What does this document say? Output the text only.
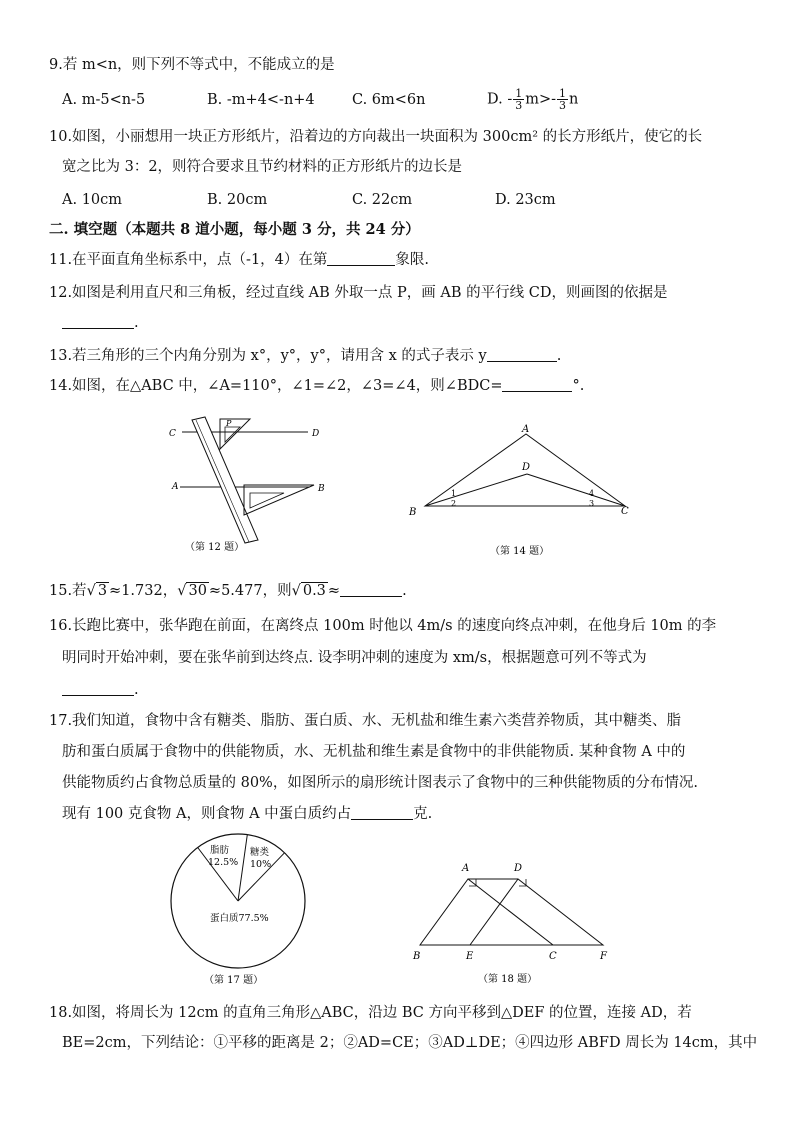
9.若 m<n，则下列不等式中，不能成立的是
A. m-5<n-5	B. -m+4<-n+4	C. 6m<6n	D. - $\frac{1}{3} m>- \frac{1}{3}$ n
10.如图，小丽想用一块正方形纸片，沿着边的方向裁出一块面积为 300cm² 的长方形纸片，使它的长
宽之比为 3：2，则符合要求且节约材料的正方形纸片的边长是
A. 10cm	B. 20cm	C. 22cm	D. 23cm
二. 填空题（本题共 8 道小题，每小题 3 分，共 24 分）
11.在平面直角坐标系中，点（-1，4）在第	象限.
12.如图是利用直尺和三角板，经过直线 AB 外取一点 P，画 AB 的平行线 CD，则画图的依据是
.
13.若三角形的三个内角分别为 x°，y°，y°，请用含 x 的式子表示 y	.
14.如图，在△ABC 中，∠A=110°，∠1=∠2，∠3=∠4，则∠BDC=	°.
C	D
P
A	B
（第 12 题）
A
D
B	C
1
2	3
4
（第 14 题）
15.若√ 3 ≈1.732，√ 30 ≈5.477，则√ 0.3 ≈	.
16.长跑比赛中，张华跑在前面，在离终点 100m 时他以 4m/s 的速度向终点冲刺，在他身后 10m 的李
明同时开始冲刺，要在张华前到达终点. 设李明冲刺的速度为 xm/s，根据题意可列不等式为
.
17.我们知道，食物中含有糖类、脂肪、蛋白质、水、无机盐和维生素六类营养物质，其中糖类、脂
肪和蛋白质属于食物中的供能物质，水、无机盐和维生素是食物中的非供能物质. 某种食物 A 中的
供能物质约占食物总质量的 80%，如图所示的扇形统计图表示了食物中的三种供能物质的分布情况.
现有 100 克食物 A，则食物 A 中蛋白质约占	克.
脂肪
12.5%
糖类
10%
蛋白质77.5%
（第 17 题）
A	D
B	E	C	F
（第 18 题）
18.如图，将周长为 12cm 的直角三角形△ABC，沿边 BC 方向平移到△DEF 的位置，连接 AD，若
BE=2cm，下列结论：①平移的距离是 2；②AD=CE；③AD⊥DE；④四边形 ABFD 周长为 14cm，其中
